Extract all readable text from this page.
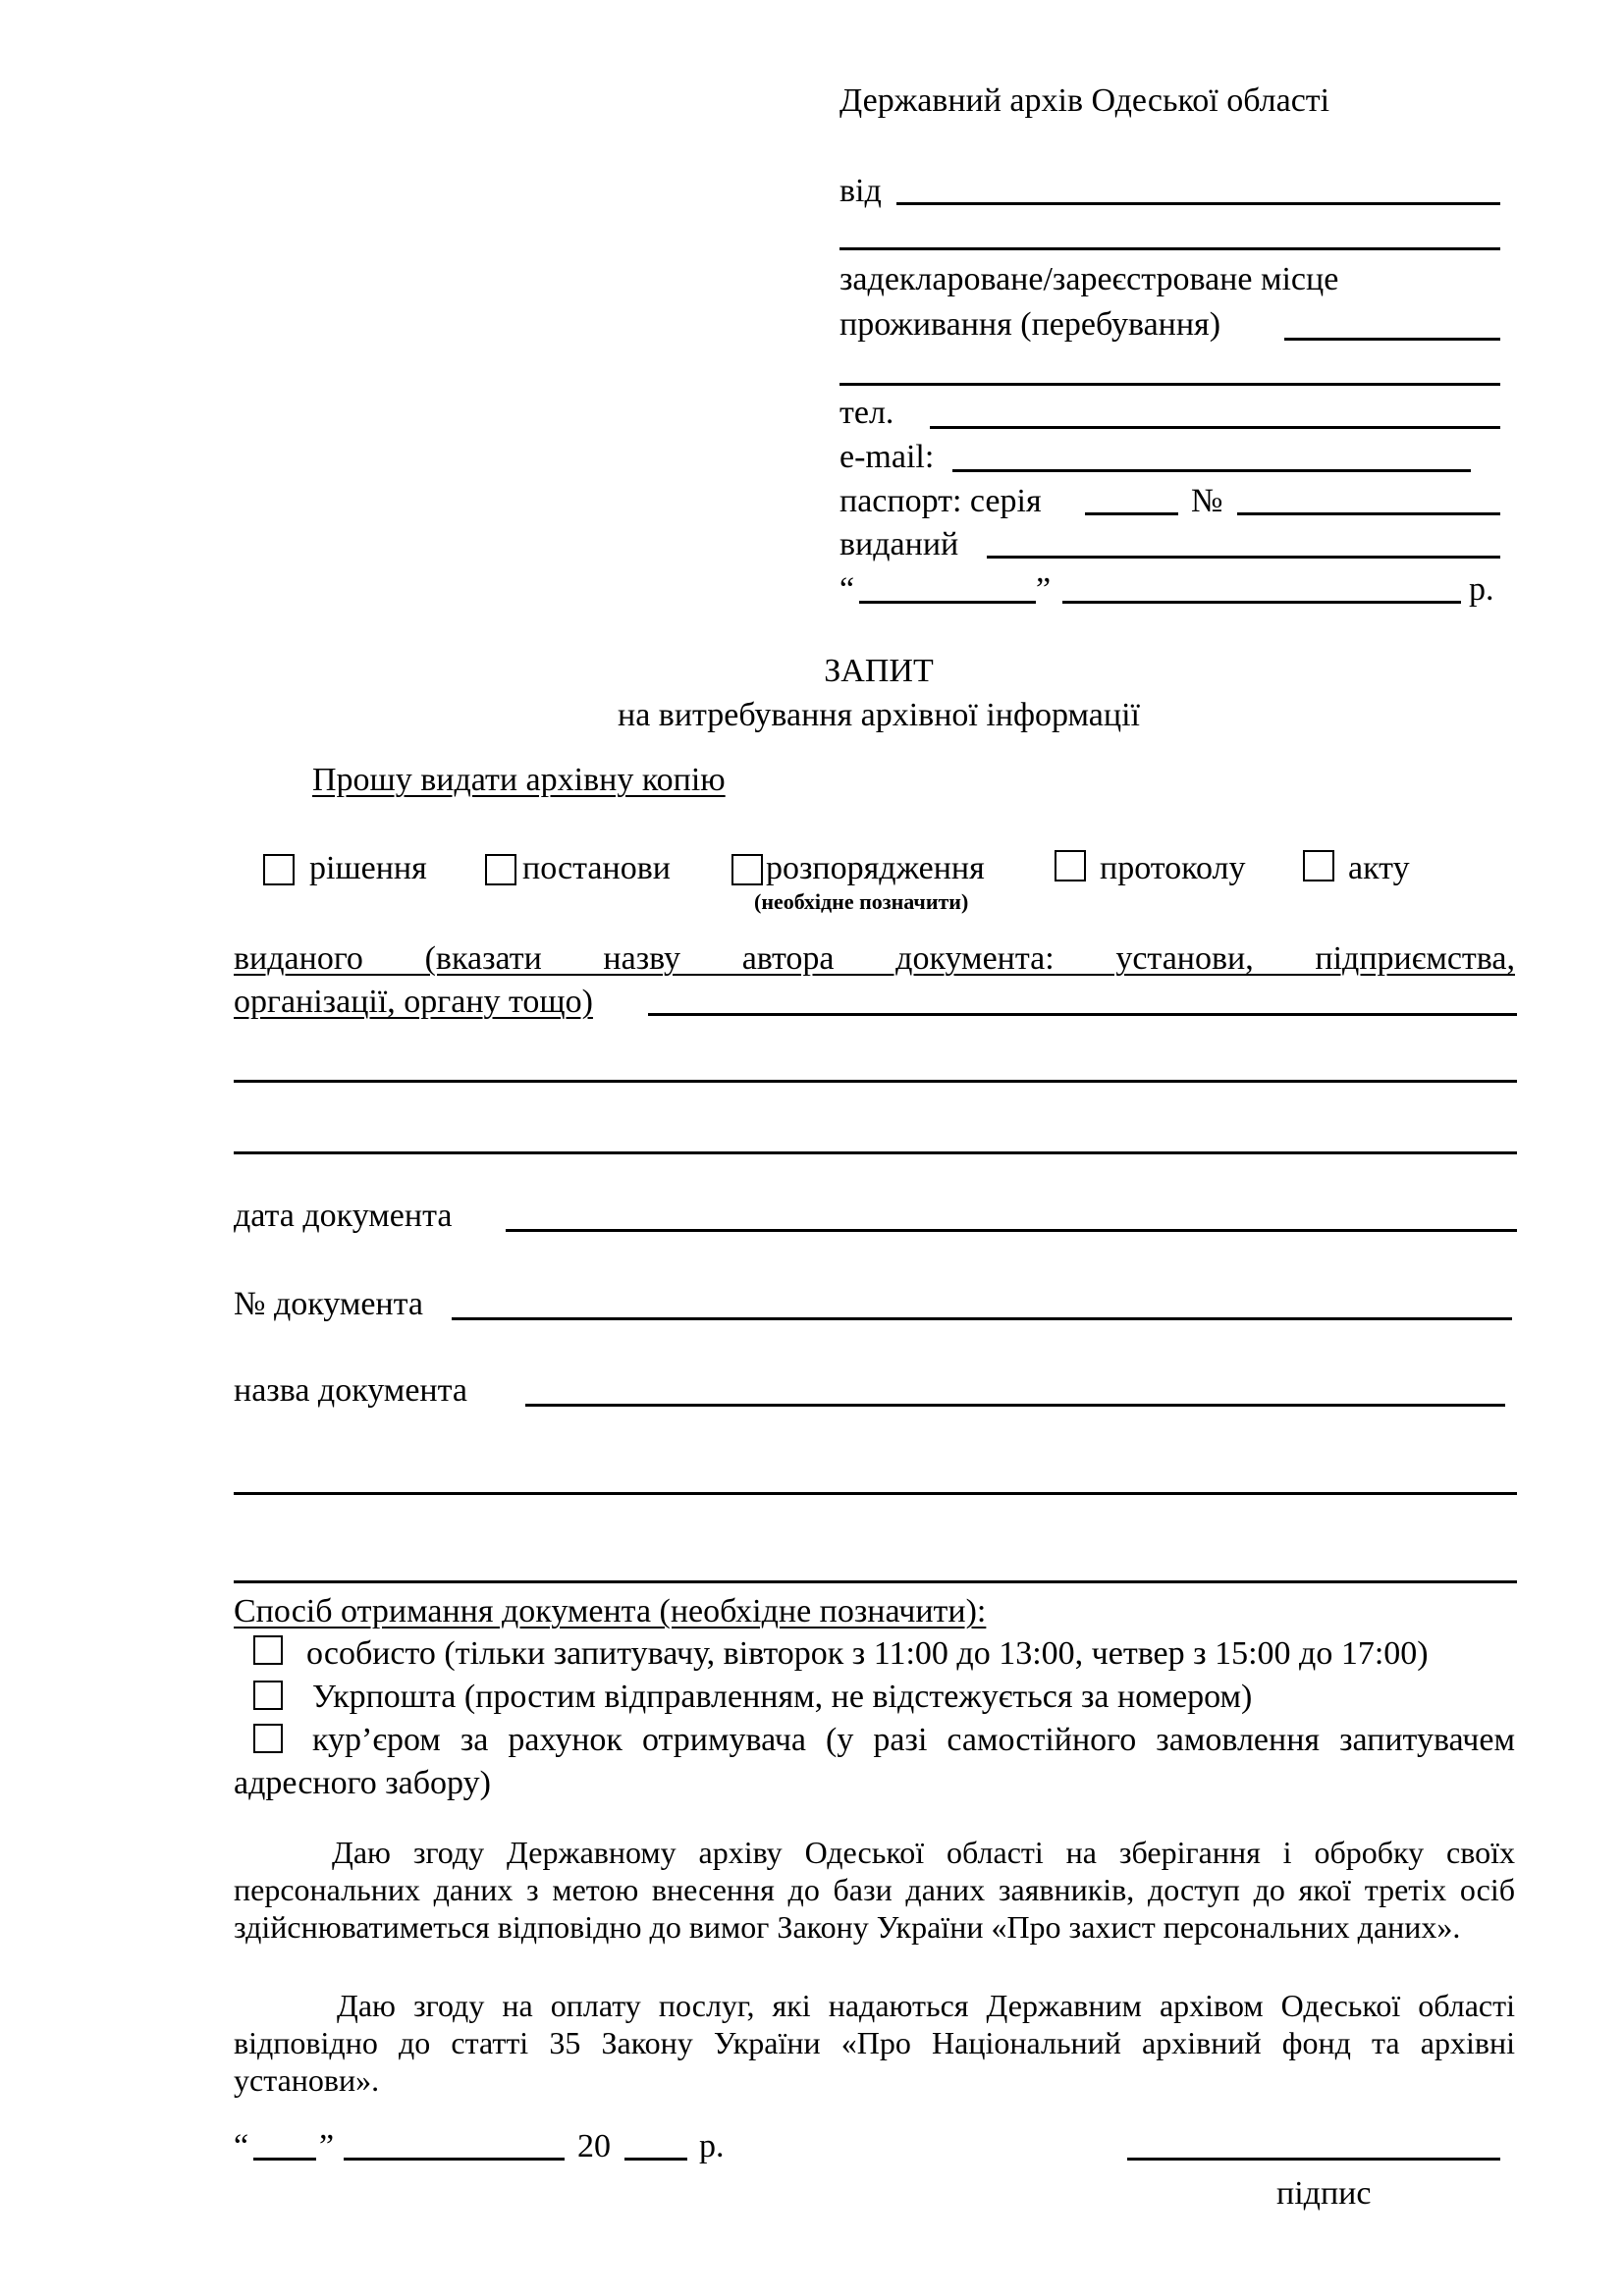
Державний архів Одеської області
від
задеклароване/зареєстроване місце
проживання (перебування)
тел.
e-mail:
паспорт: серія	№
виданий
“	”	р.
ЗАПИТ
на витребування архівної інформації
Прошу видати архівну копію
рішення	постанови	розпорядження	протоколу	акту
(необхідне позначити)
виданого (вказати назву автора документа: установи, підприємства,
організації, органу тощо)
дата документа
№ документа
назва документа
Спосіб отримання документа (необхідне позначити):
особисто (тільки запитувачу, вівторок з 11:00 до 13:00, четвер з 15:00 до 17:00)
Укрпошта (простим відправленням, не відстежується за номером)
кур’єром за рахунок отримувача (у разі самостійного замовлення запитувачем
адресного забору)
Даю згоду Державному архіву Одеської області на зберігання і обробку своїх персональних даних з метою внесення до бази даних заявників, доступ до якої третіх осіб здійснюватиметься відповідно до вимог Закону України «Про захист персональних даних».
Даю згоду на оплату послуг, які надаються Державним архівом Одеської області відповідно до статті 35 Закону України «Про Національний архівний фонд та архівні установи».
“ ”	20	р.
підпис
